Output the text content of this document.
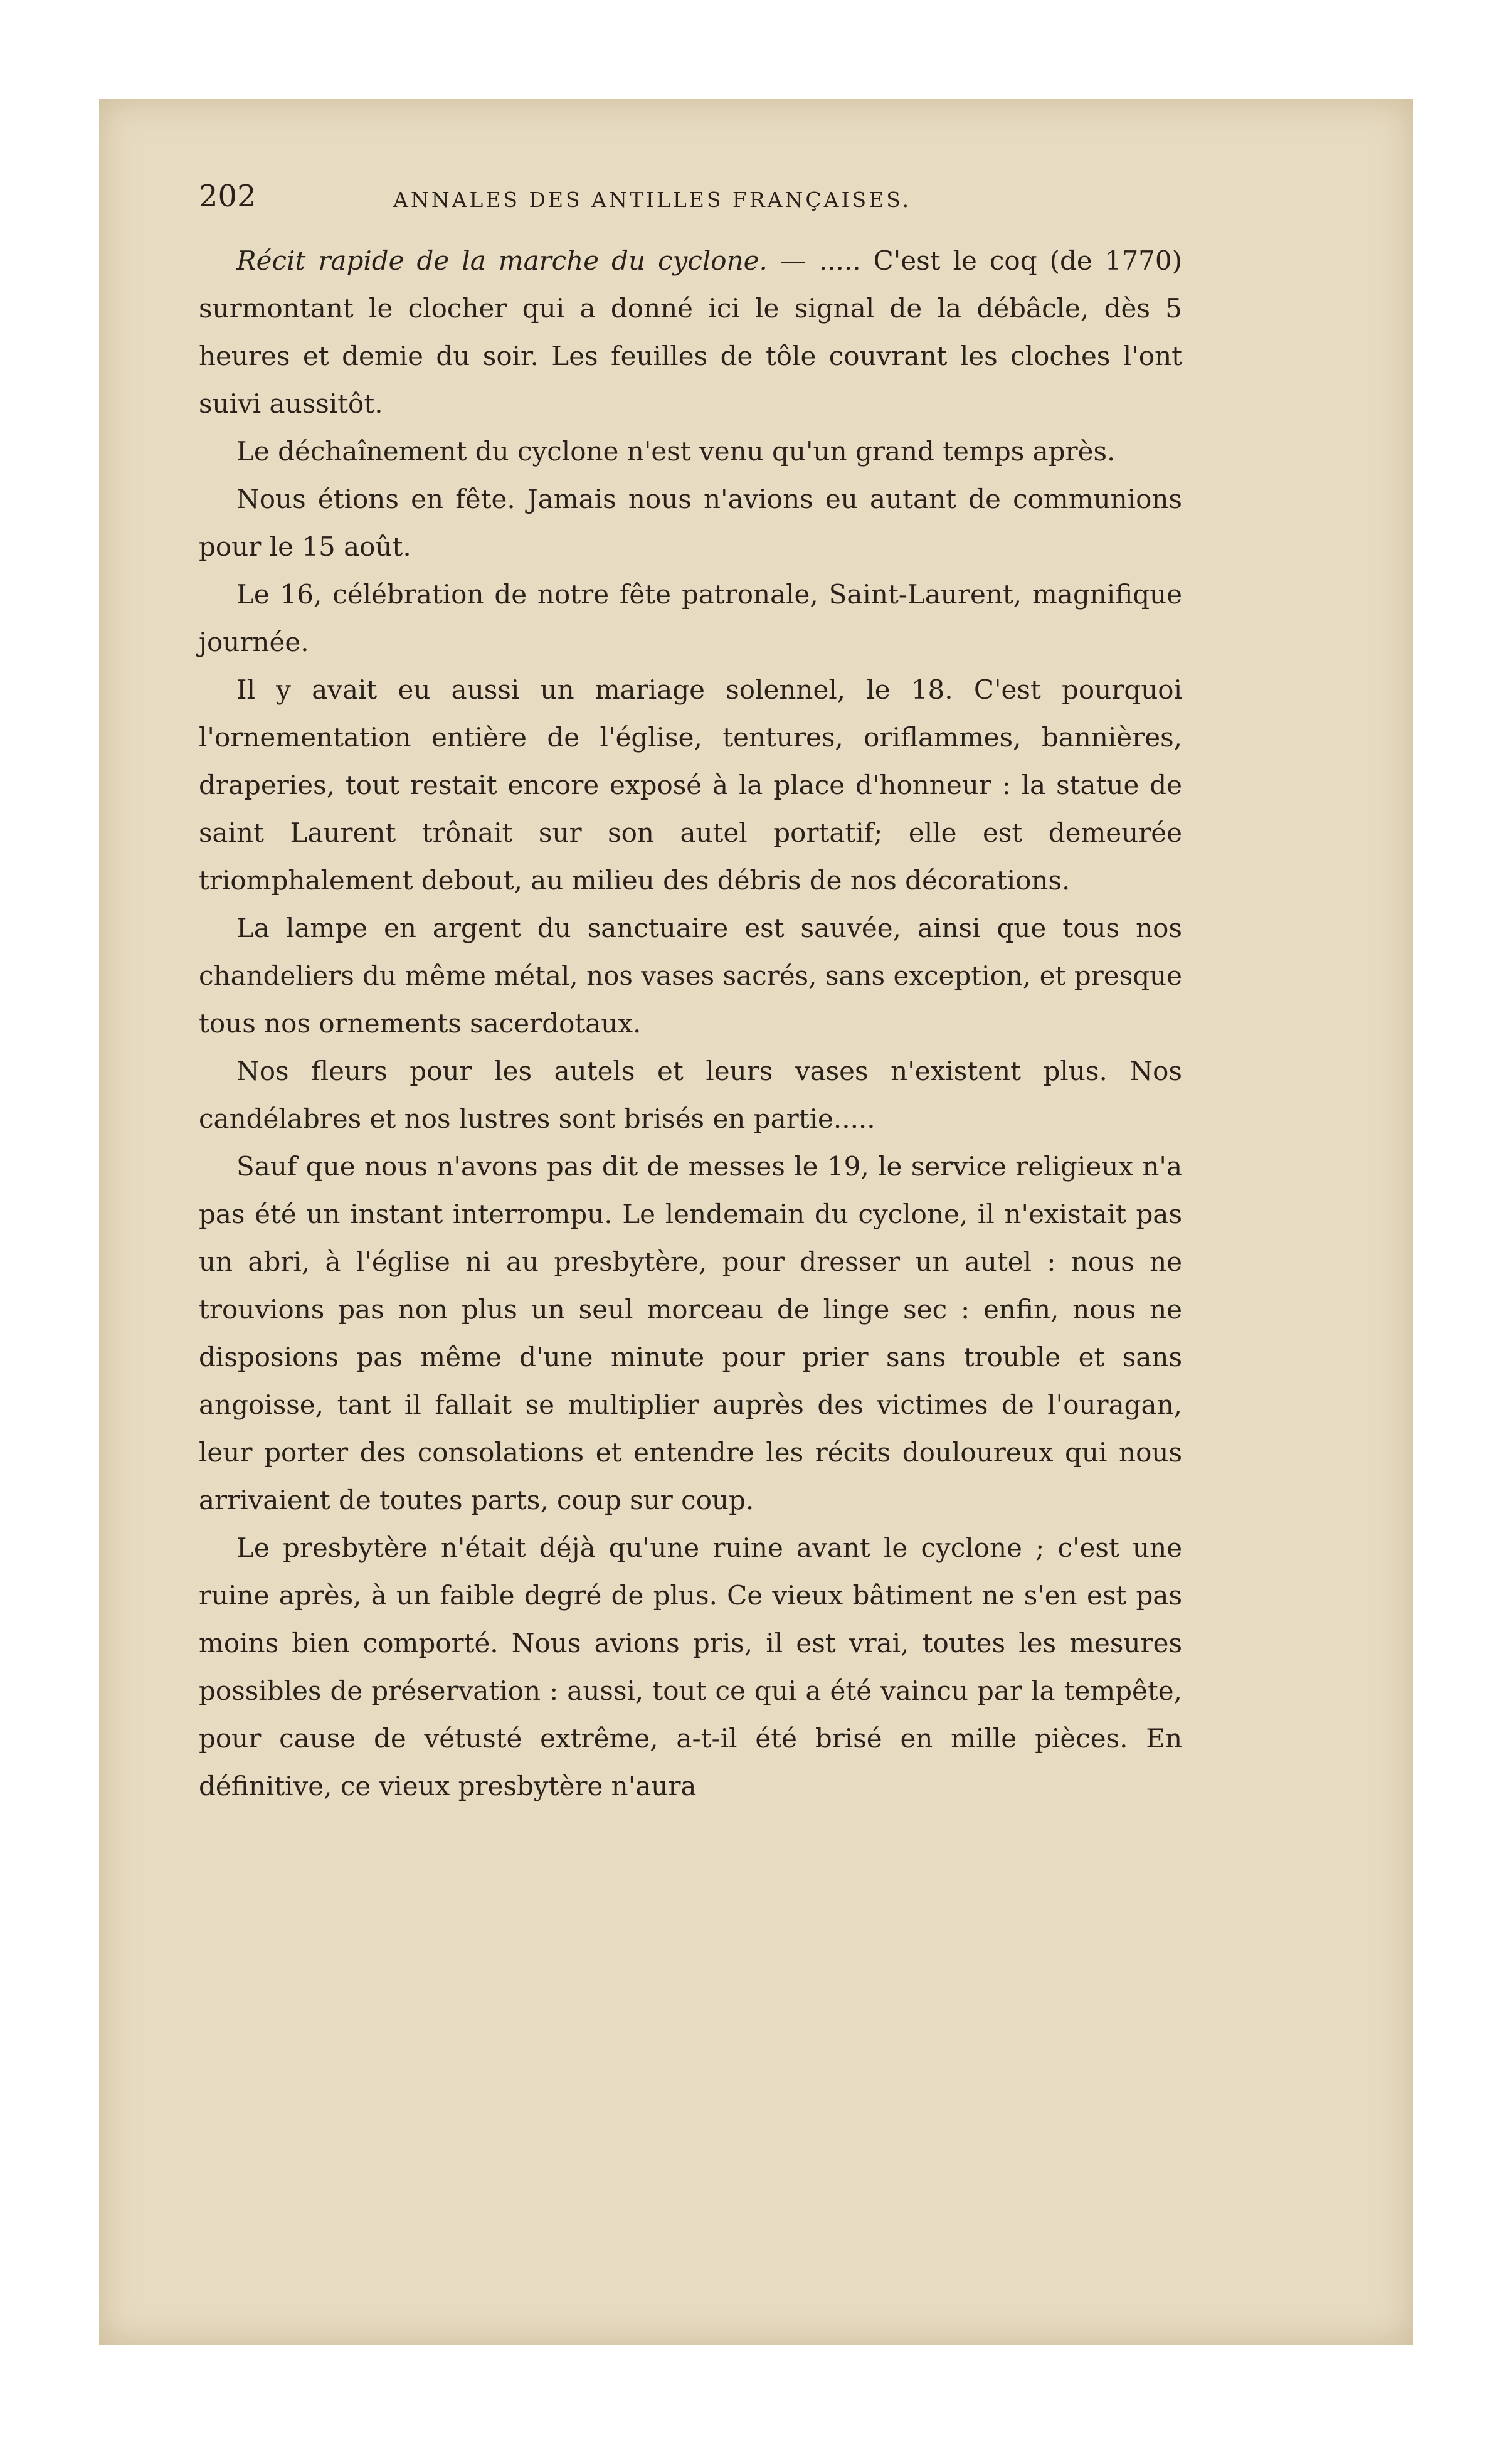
202	ANNALES DES ANTILLES FRANÇAISES.

Récit rapide de la marche du cyclone. — ..... C'est le coq (de 1770) surmontant le clocher qui a donné ici le signal de la débâcle, dès 5 heures et demie du soir. Les feuilles de tôle couvrant les cloches l'ont suivi aussitôt.

Le déchaînement du cyclone n'est venu qu'un grand temps après.

Nous étions en fête. Jamais nous n'avions eu autant de communions pour le 15 août.

Le 16, célébration de notre fête patronale, Saint-Laurent, magnifique journée.

Il y avait eu aussi un mariage solennel, le 18. C'est pourquoi l'ornementation entière de l'église, tentures, oriflammes, bannières, draperies, tout restait encore exposé à la place d'honneur : la statue de saint Laurent trônait sur son autel portatif; elle est demeurée triomphalement debout, au milieu des débris de nos décorations.

La lampe en argent du sanctuaire est sauvée, ainsi que tous nos chandeliers du même métal, nos vases sacrés, sans exception, et presque tous nos ornements sacerdotaux.

Nos fleurs pour les autels et leurs vases n'existent plus. Nos candélabres et nos lustres sont brisés en partie.....

Sauf que nous n'avons pas dit de messes le 19, le service religieux n'a pas été un instant interrompu. Le lendemain du cyclone, il n'existait pas un abri, à l'église ni au presbytère, pour dresser un autel : nous ne trouvions pas non plus un seul morceau de linge sec : enfin, nous ne disposions pas même d'une minute pour prier sans trouble et sans angoisse, tant il fallait se multiplier auprès des victimes de l'ouragan, leur porter des consolations et entendre les récits douloureux qui nous arrivaient de toutes parts, coup sur coup.

Le presbytère n'était déjà qu'une ruine avant le cyclone ; c'est une ruine après, à un faible degré de plus. Ce vieux bâtiment ne s'en est pas moins bien comporté. Nous avions pris, il est vrai, toutes les mesures possibles de préservation : aussi, tout ce qui a été vaincu par la tempête, pour cause de vétusté extrême, a-t-il été brisé en mille pièces. En définitive, ce vieux presbytère n'aura
